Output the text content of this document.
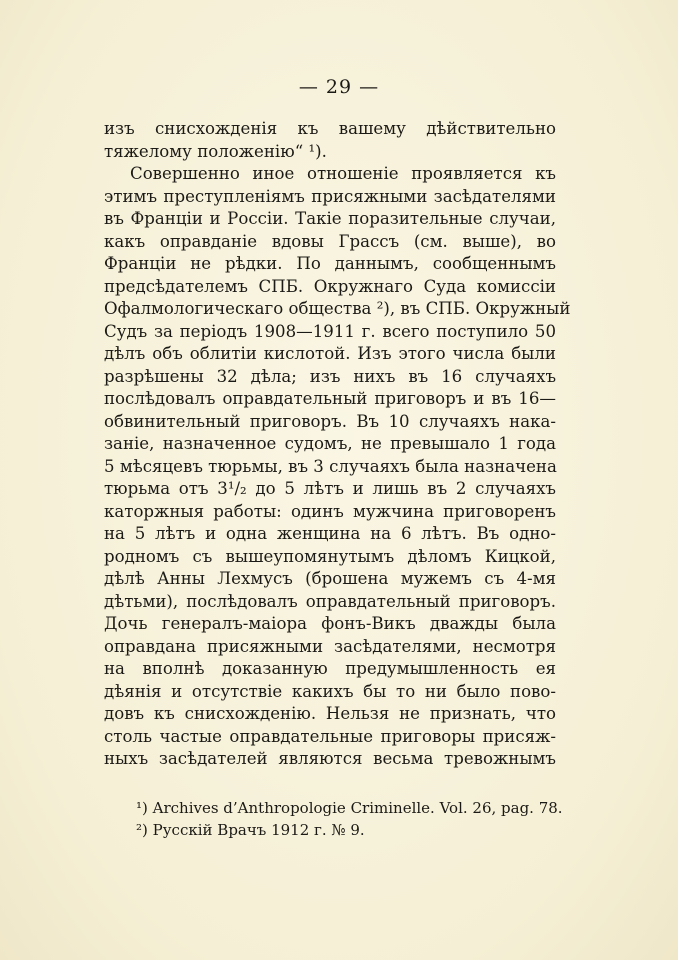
— 29 —
изъ снисхожденія къ вашему дѣйствительно
тяжелому положенію“ ¹).
Совершенно иное отношеніе проявляется къ
этимъ преступленіямъ присяжными засѣдателями
въ Франціи и Россіи. Такіе поразительные случаи,
какъ оправданіе вдовы Грассъ (см. выше), во
Франціи не рѣдки. По даннымъ, сообщеннымъ
предсѣдателемъ СПБ. Окружнаго Суда комиссіи
Офалмологическаго общества ²), въ СПБ. Окружный
Судъ за періодъ 1908—1911 г. всего поступило 50
дѣлъ объ облитіи кислотой. Изъ этого числа были
разрѣшены 32 дѣла; изъ нихъ въ 16 случаяхъ
послѣдовалъ оправдательный приговоръ и въ 16—
обвинительный приговоръ. Въ 10 случаяхъ нака-
заніе, назначенное судомъ, не превышало 1 года
5 мѣсяцевъ тюрьмы, въ 3 случаяхъ была назначена
тюрьма отъ 3¹/₂ до 5 лѣтъ и лишь въ 2 случаяхъ
каторжныя работы: одинъ мужчина приговоренъ
на 5 лѣтъ и одна женщина на 6 лѣтъ. Въ одно-
родномъ съ вышеупомянутымъ дѣломъ Кицкой,
дѣлѣ Анны Лехмусъ (брошена мужемъ съ 4-мя
дѣтьми), послѣдовалъ оправдательный приговоръ.
Дочь генералъ-маіора фонъ-Викъ дважды была
оправдана присяжными засѣдателями, несмотря
на вполнѣ доказанную предумышленность ея
дѣянія и отсутствіе какихъ бы то ни было пово-
довъ къ снисхожденію. Нельзя не признать, что
столь частые оправдательные приговоры присяж-
ныхъ засѣдателей являются весьма тревожнымъ
¹) Archives d’Anthropologie Criminelle. Vol. 26, pag. 78.
²) Русскій Врачъ 1912 г. № 9.
